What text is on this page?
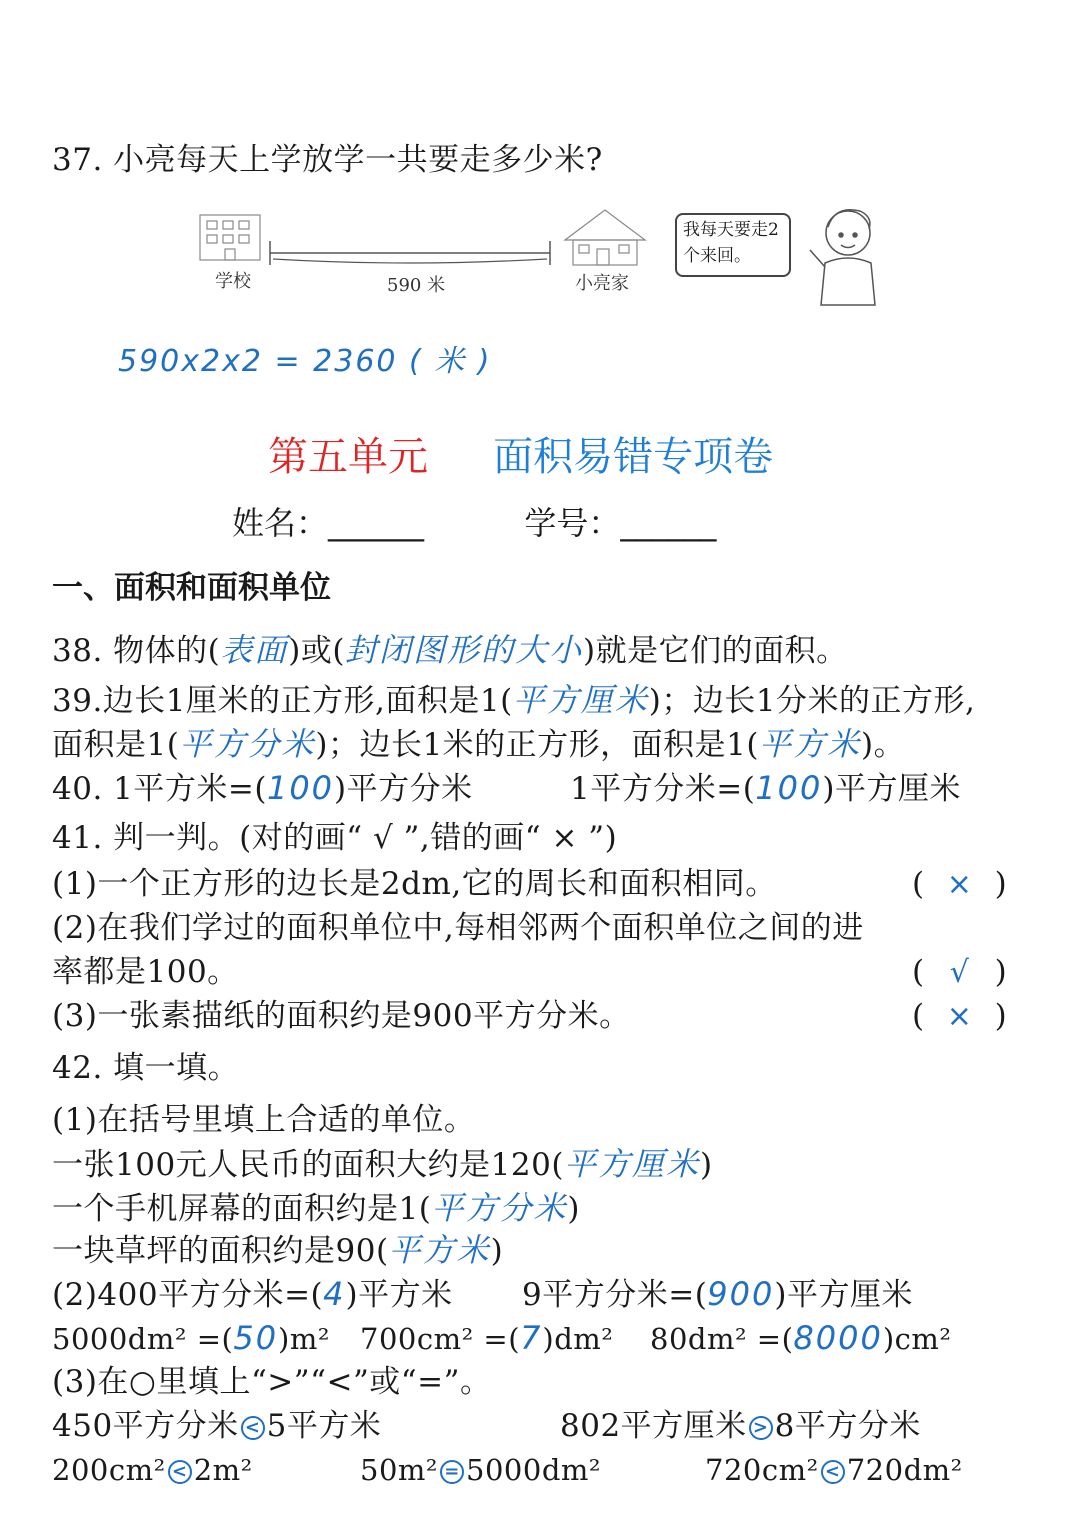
37. 小亮每天上学放学一共要走多少米?
学校	590 米	小亮家
我每天要走2个来回。
590x2x2 = 2360 ( 米 )
第五单元 面积易错专项卷
姓名：______	学号：______
一、面积和面积单位
38. 物体的(表面)或(封闭图形的大小)就是它们的面积。
39.边长1厘米的正方形,面积是1(平方厘米)；边长1分米的正方形,
面积是1(平方分米)；边长1米的正方形，面积是1(平方米)。
40. 1平方米=(100)平方分米	1平方分米=(100)平方厘米
41. 判一判。(对的画“ √ ”,错的画“ × ”)
(1)一个正方形的边长是2dm,它的周长和面积相同。	( × )
(2)在我们学过的面积单位中,每相邻两个面积单位之间的进
率都是100。	( √ )
(3)一张素描纸的面积约是900平方分米。	( × )
42. 填一填。
(1)在括号里填上合适的单位。
一张100元人民币的面积大约是120(平方厘米)
一个手机屏幕的面积约是1(平方分米)
一块草坪的面积约是90(平方米)
(2)400平方分米=(4)平方米 9平方分米=(900)平方厘米
5000dm² =(50)m² 700cm² =(7)dm² 80dm² =(8000)cm²
(3)在○里填上“>”“<”或“=”。
450平方分米 < 5平方米	802平方厘米 > 8平方分米
200cm² < 2m²	50m² = 5000dm²	720cm² < 720dm²
